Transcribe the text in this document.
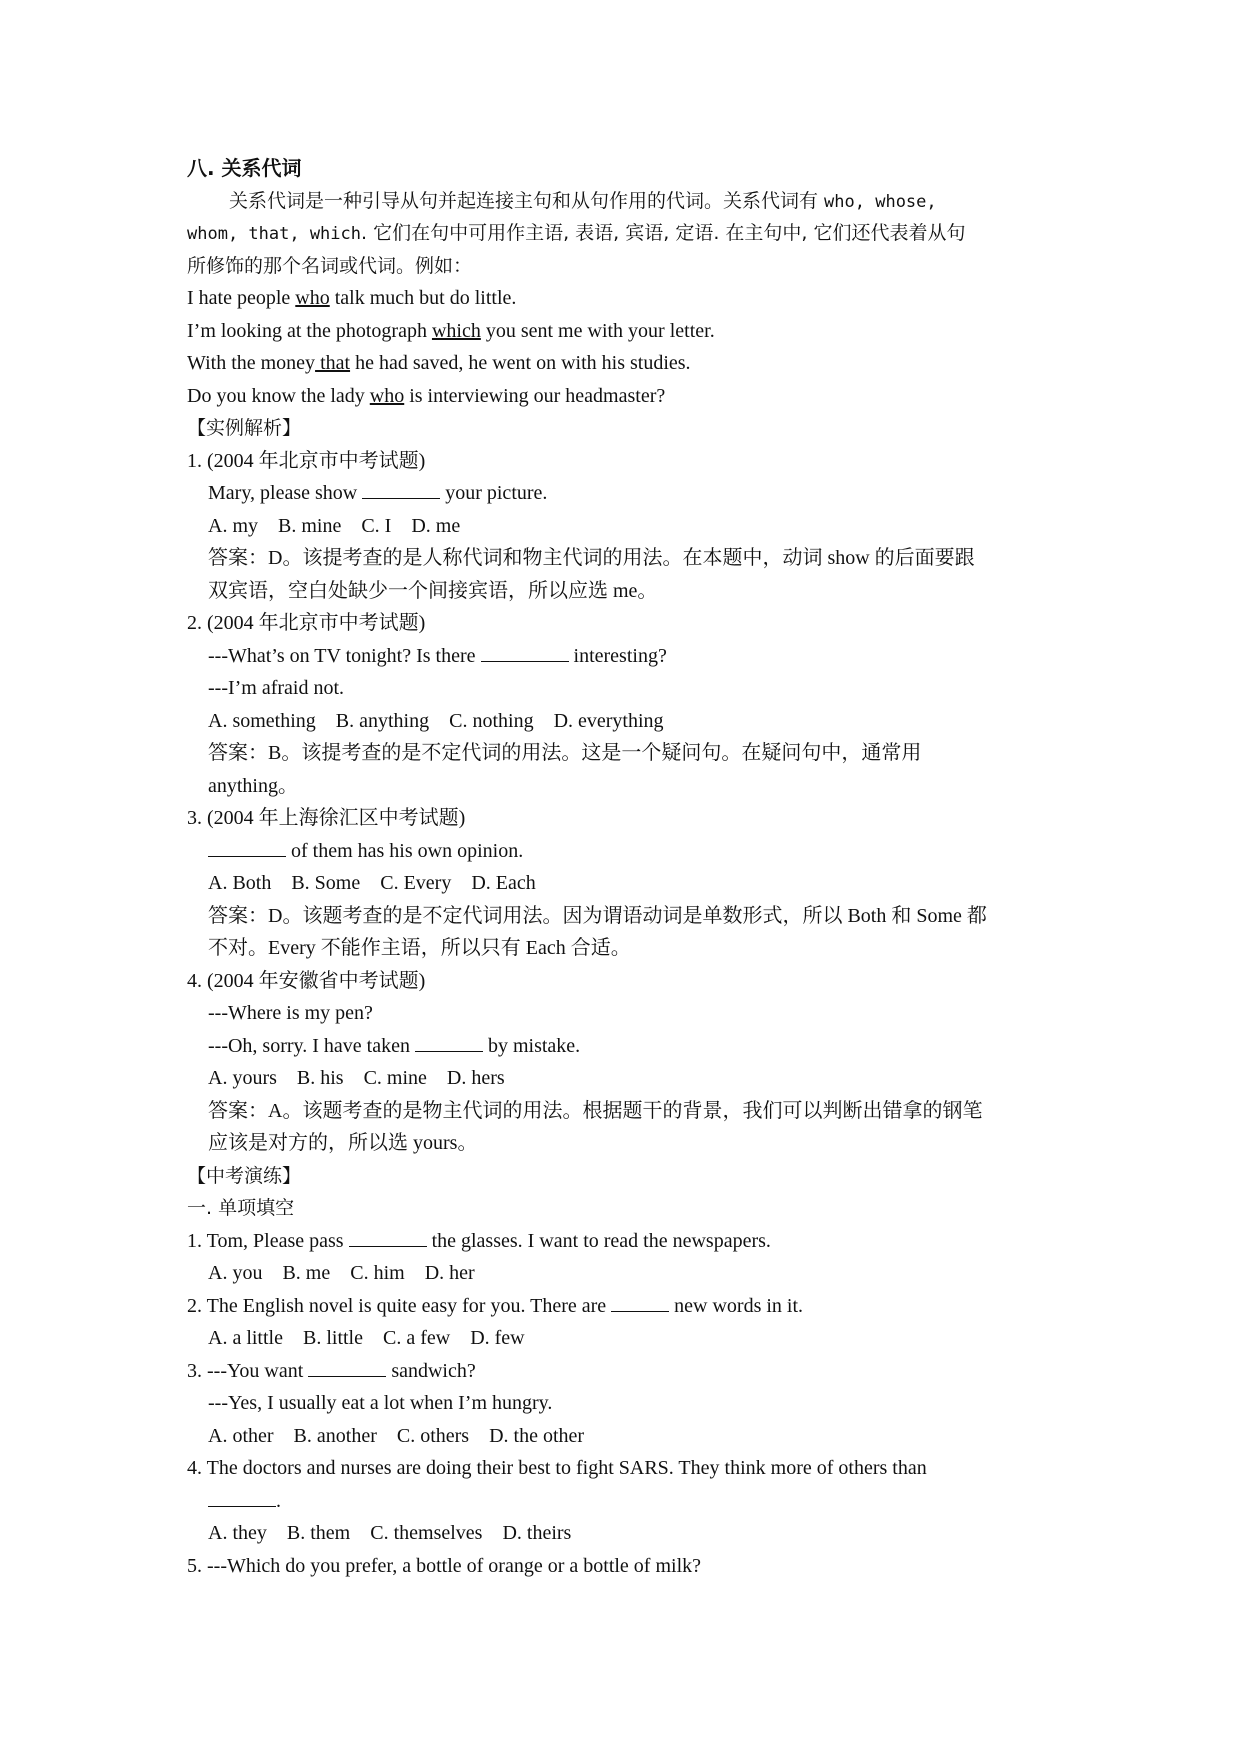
八. 关系代词
关系代词是一种引导从句并起连接主句和从句作用的代词。关系代词有 who, whose,
whom, that, which. 它们在句中可用作主语, 表语, 宾语, 定语. 在主句中, 它们还代表着从句
所修饰的那个名词或代词。例如：
I hate people who talk much but do little.
I’m looking at the photograph which you sent me with your letter.
With the money that he had saved, he went on with his studies.
Do you know the lady who is interviewing our headmaster?
【实例解析】
1. (2004 年北京市中考试题)
Mary, please show	your picture.
A. my B. mine C. I D. me
答案：D。该提考查的是人称代词和物主代词的用法。在本题中，动词 show 的后面要跟
双宾语，空白处缺少一个间接宾语，所以应选 me。
2. (2004 年北京市中考试题)
---What’s on TV tonight? Is there	interesting?
---I’m afraid not.
A. something B. anything C. nothing D. everything
答案：B。该提考查的是不定代词的用法。这是一个疑问句。在疑问句中，通常用
anything。
3. (2004 年上海徐汇区中考试题)
of them has his own opinion.
A. Both B. Some C. Every D. Each
答案：D。该题考查的是不定代词用法。因为谓语动词是单数形式，所以 Both 和 Some 都
不对。Every 不能作主语，所以只有 Each 合适。
4. (2004 年安徽省中考试题)
---Where is my pen?
---Oh, sorry. I have taken	by mistake.
A. yours B. his C. mine D. hers
答案：A。该题考查的是物主代词的用法。根据题干的背景，我们可以判断出错拿的钢笔
应该是对方的，所以选 yours。
【中考演练】
一. 单项填空
1. Tom, Please pass	the glasses. I want to read the newspapers.
A. you B. me C. him D. her
2. The English novel is quite easy for you. There are	new words in it.
A. a little B. little C. a few D. few
3. ---You want	sandwich?
---Yes, I usually eat a lot when I’m hungry.
A. other B. another C. others D. the other
4. The doctors and nurses are doing their best to fight SARS. They think more of others than
.
A. they B. them C. themselves D. theirs
5. ---Which do you prefer, a bottle of orange or a bottle of milk?
